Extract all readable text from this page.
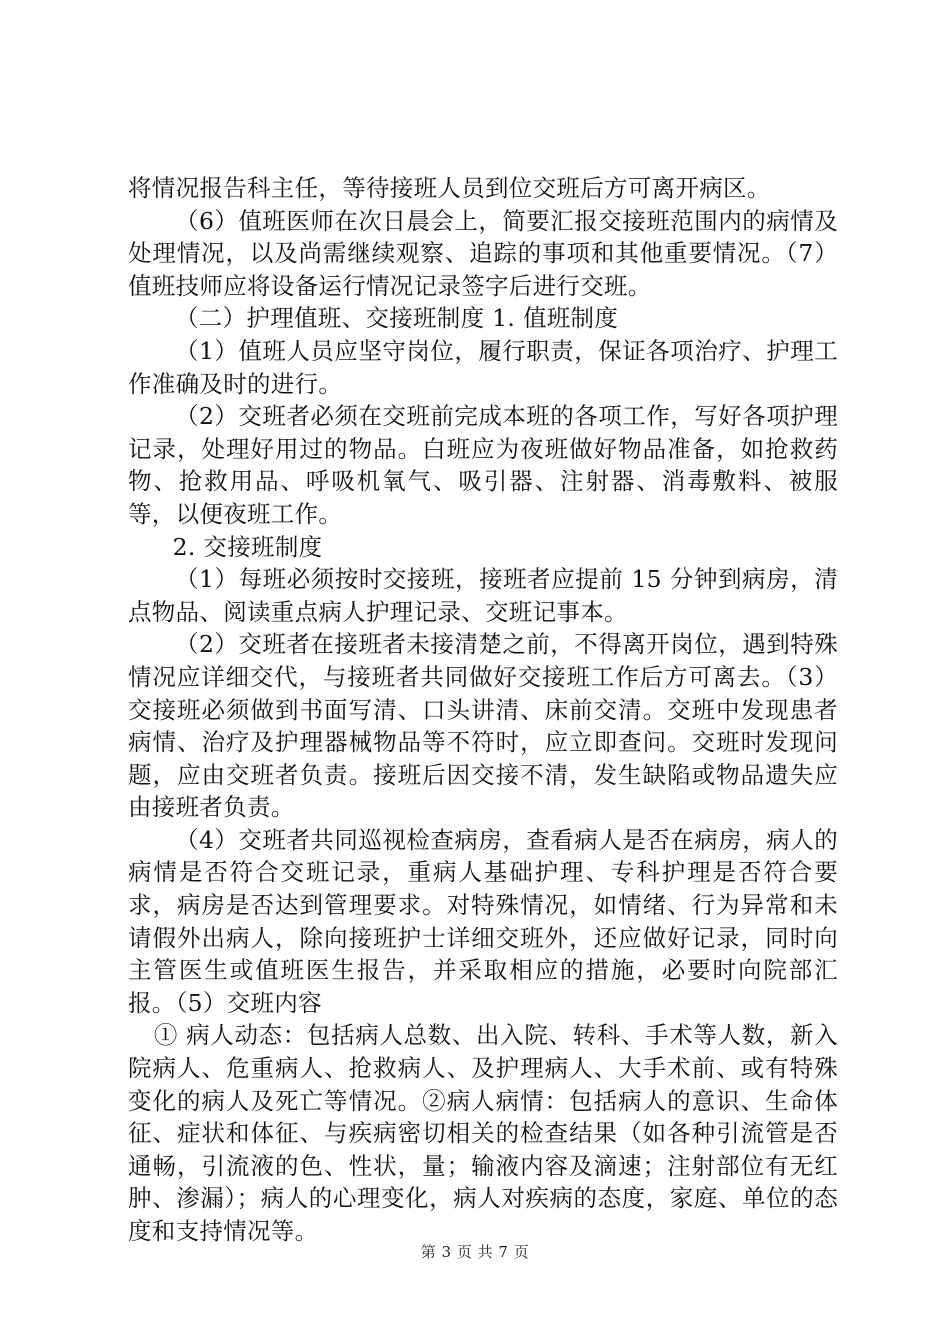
将情况报告科主任，等待接班人员到位交班后方可离开病区。

（6）值班医师在次日晨会上，简要汇报交接班范围内的病情及处理情况，以及尚需继续观察、追踪的事项和其他重要情况。（7）值班技师应将设备运行情况记录签字后进行交班。

（二）护理值班、交接班制度 1. 值班制度

（1）值班人员应坚守岗位，履行职责，保证各项治疗、护理工作准确及时的进行。

（2）交班者必须在交班前完成本班的各项工作，写好各项护理记录，处理好用过的物品。白班应为夜班做好物品准备，如抢救药物、抢救用品、呼吸机氧气、吸引器、注射器、消毒敷料、被服等，以便夜班工作。

2. 交接班制度

（1）每班必须按时交接班，接班者应提前 15 分钟到病房，清点物品、阅读重点病人护理记录、交班记事本。

（2）交班者在接班者未接清楚之前，不得离开岗位，遇到特殊情况应详细交代，与接班者共同做好交接班工作后方可离去。（3）交接班必须做到书面写清、口头讲清、床前交清。交班中发现患者病情、治疗及护理器械物品等不符时，应立即查问。交班时发现问题，应由交班者负责。接班后因交接不清，发生缺陷或物品遗失应由接班者负责。

（4）交班者共同巡视检查病房，查看病人是否在病房，病人的病情是否符合交班记录，重病人基础护理、专科护理是否符合要求，病房是否达到管理要求。对特殊情况，如情绪、行为异常和未请假外出病人，除向接班护士详细交班外，还应做好记录，同时向主管医生或值班医生报告，并采取相应的措施，必要时向院部汇报。（5）交班内容

① 病人动态：包括病人总数、出入院、转科、手术等人数，新入院病人、危重病人、抢救病人、及护理病人、大手术前、或有特殊变化的病人及死亡等情况。②病人病情：包括病人的意识、生命体征、症状和体征、与疾病密切相关的检查结果（如各种引流管是否通畅，引流液的色、性状，量；输液内容及滴速；注射部位有无红肿、渗漏）；病人的心理变化，病人对疾病的态度，家庭、单位的态度和支持情况等。

第 3 页 共 7 页
